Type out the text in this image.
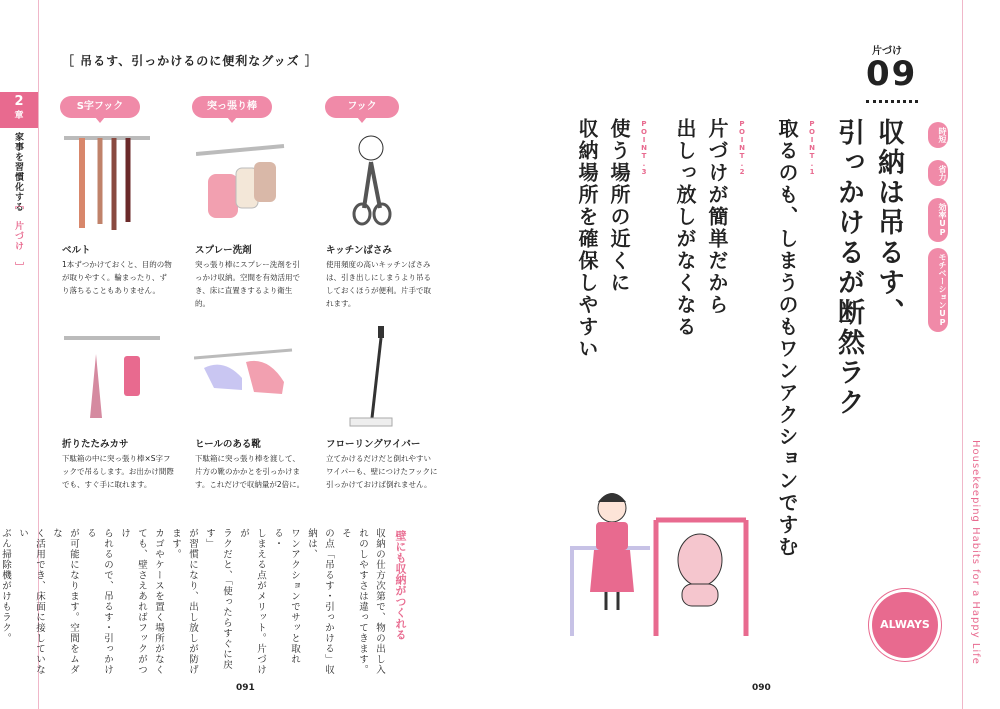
2
章
家事を習慣化する
［ 片づけ ］
［ 吊るす、引っかけるのに便利なグッズ ］
S字フック	突っ張り棒	フック
ベルト
1本ずつかけておくと、目的の物が取りやすく。輪まったり、ずり落ちることもありません。
スプレー洗剤
突っ張り棒にスプレー洗剤を引っかけ収納。空間を有効活用でき、床に直置きするより衛生的。
キッチンばさみ
使用頻度の高いキッチンばさみは、引き出しにしまうより吊るしておくほうが便利。片手で取れます。
折りたたみカサ
下駄箱の中に突っ張り棒×S字フックで吊るします。お出かけ間際でも、すぐ手に取れます。
ヒールのある靴
下駄箱に突っ張り棒を渡して、片方の靴のかかとを引っかけます。これだけで収納量が2倍に。
フローリングワイパー
立てかけるだけだと倒れやすいワイパーも、壁につけたフックに引っかけておけば倒れません。
壁にも収納がつくれる
収納の仕方次第で、物の出し入
れのしやすさは違ってきます。そ
の点「吊るす・引っかける」収納は、
ワンアクションでサッと取れる・
しまえる点がメリット。片づけが
ラクだと、「使ったらすぐに戻す」
が習慣になり、出し放しが防げ
ます。
カゴやケースを置く場所がなく
ても、壁さえあればフックがつけ
られるので、吊るす・引っかける
が可能になります。空間をムダな
く活用でき、床面に接していない
ぶん掃除機がけもラク。
091
Housekeeping Habits for a Happy Life
片づけ
09
時短
省力
効率UP
モチベーションUP
収納は吊るす、
引っかけるが断然ラク
POINT.1
取るのも、しまうのもワンアクションですむ
POINT.2
片づけが簡単だから
出しっ放しがなくなる
POINT.3
使う場所の近くに
収納場所を確保しやすい
ALWAYS
090
